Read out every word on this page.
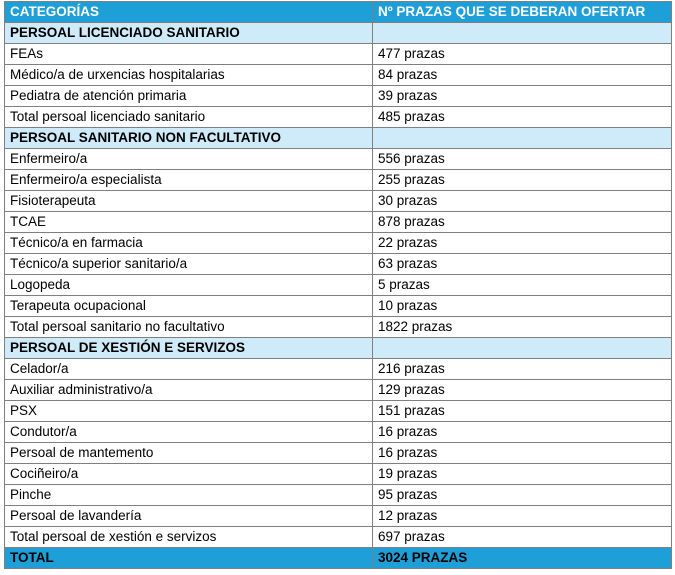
CATEGORÍAS	Nº PRAZAS QUE SE DEBERAN OFERTAR
PERSOAL LICENCIADO SANITARIO	
FEAs	477 prazas
Médico/a de urxencias hospitalarias	84 prazas
Pediatra de atención primaria	39 prazas
Total persoal licenciado sanitario	485 prazas
PERSOAL SANITARIO NON FACULTATIVO	
Enfermeiro/a	556 prazas
Enfermeiro/a especialista	255 prazas
Fisioterapeuta	30 prazas
TCAE	878 prazas
Técnico/a en farmacia	22 prazas
Técnico/a superior sanitario/a	63 prazas
Logopeda	5 prazas
Terapeuta ocupacional	10 prazas
Total persoal sanitario no facultativo	1822 prazas
PERSOAL DE XESTIÓN E SERVIZOS	
Celador/a	216 prazas
Auxiliar administrativo/a	129 prazas
PSX	151 prazas
Condutor/a	16 prazas
Persoal de mantemento	16 prazas
Cociñeiro/a	19 prazas
Pinche	95 prazas
Persoal de lavandería	12 prazas
Total persoal de xestión e servizos	697 prazas
TOTAL	3024 PRAZAS
